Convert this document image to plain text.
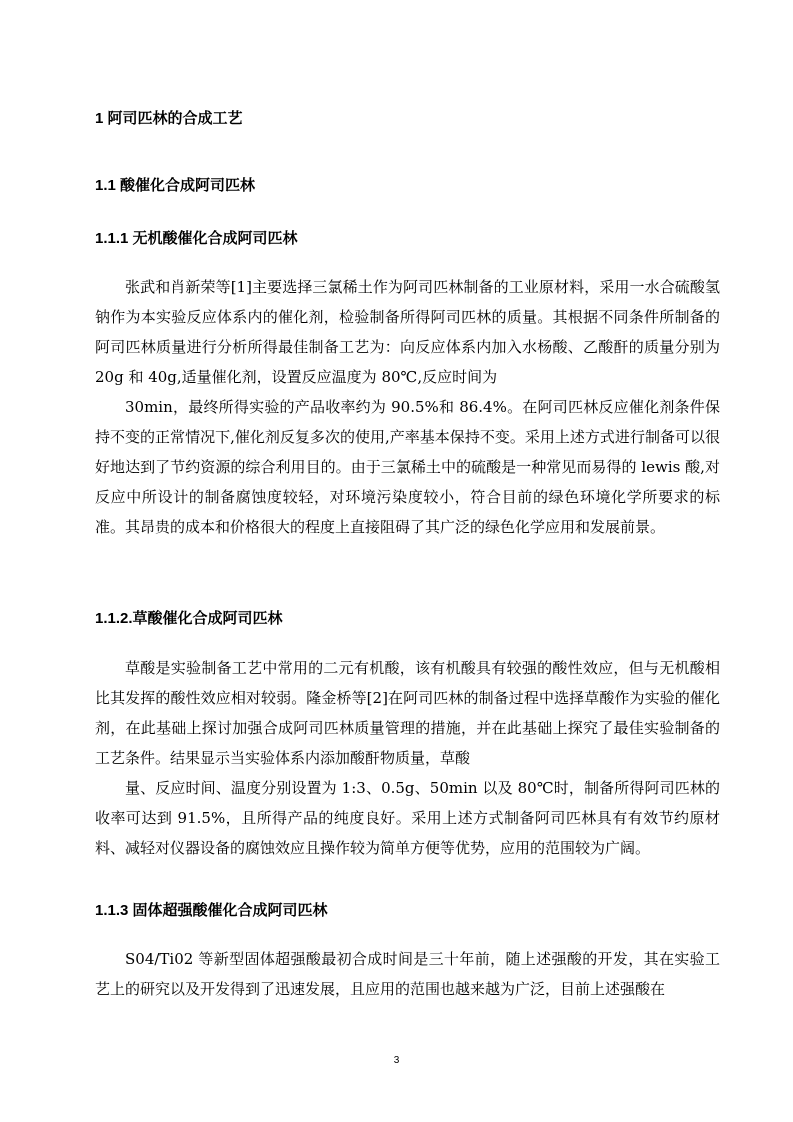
1 阿司匹林的合成工艺

1.1 酸催化合成阿司匹林

1.1.1 无机酸催化合成阿司匹林

张武和肖新荣等[1]主要选择三氯稀土作为阿司匹林制备的工业原材料，采用一水合硫酸氢钠作为本实验反应体系内的催化剂，检验制备所得阿司匹林的质量。其根据不同条件所制备的阿司匹林质量进行分析所得最佳制备工艺为：向反应体系内加入水杨酸、乙酸酐的质量分别为 20g 和 40g,适量催化剂，设置反应温度为 80℃,反应时间为

30min，最终所得实验的产品收率约为 90.5%和 86.4%。在阿司匹林反应催化剂条件保持不变的正常情况下,催化剂反复多次的使用,产率基本保持不变。采用上述方式进行制备可以很好地达到了节约资源的综合利用目的。由于三氯稀土中的硫酸是一种常见而易得的 lewis 酸,对反应中所设计的制备腐蚀度较轻，对环境污染度较小，符合目前的绿色环境化学所要求的标准。其昂贵的成本和价格很大的程度上直接阻碍了其广泛的绿色化学应用和发展前景。

1.1.2.草酸催化合成阿司匹林

草酸是实验制备工艺中常用的二元有机酸，该有机酸具有较强的酸性效应，但与无机酸相比其发挥的酸性效应相对较弱。隆金桥等[2]在阿司匹林的制备过程中选择草酸作为实验的催化剂，在此基础上探讨加强合成阿司匹林质量管理的措施，并在此基础上探究了最佳实验制备的工艺条件。结果显示当实验体系内添加酸酐物质量，草酸

量、反应时间、温度分别设置为 1:3、0.5g、50min 以及 80℃时，制备所得阿司匹林的收率可达到 91.5%，且所得产品的纯度良好。采用上述方式制备阿司匹林具有有效节约原材料、减轻对仪器设备的腐蚀效应且操作较为简单方便等优势，应用的范围较为广阔。

1.1.3 固体超强酸催化合成阿司匹林

S04/Ti02 等新型固体超强酸最初合成时间是三十年前，随上述强酸的开发，其在实验工艺上的研究以及开发得到了迅速发展，且应用的范围也越来越为广泛，目前上述强酸在

3
